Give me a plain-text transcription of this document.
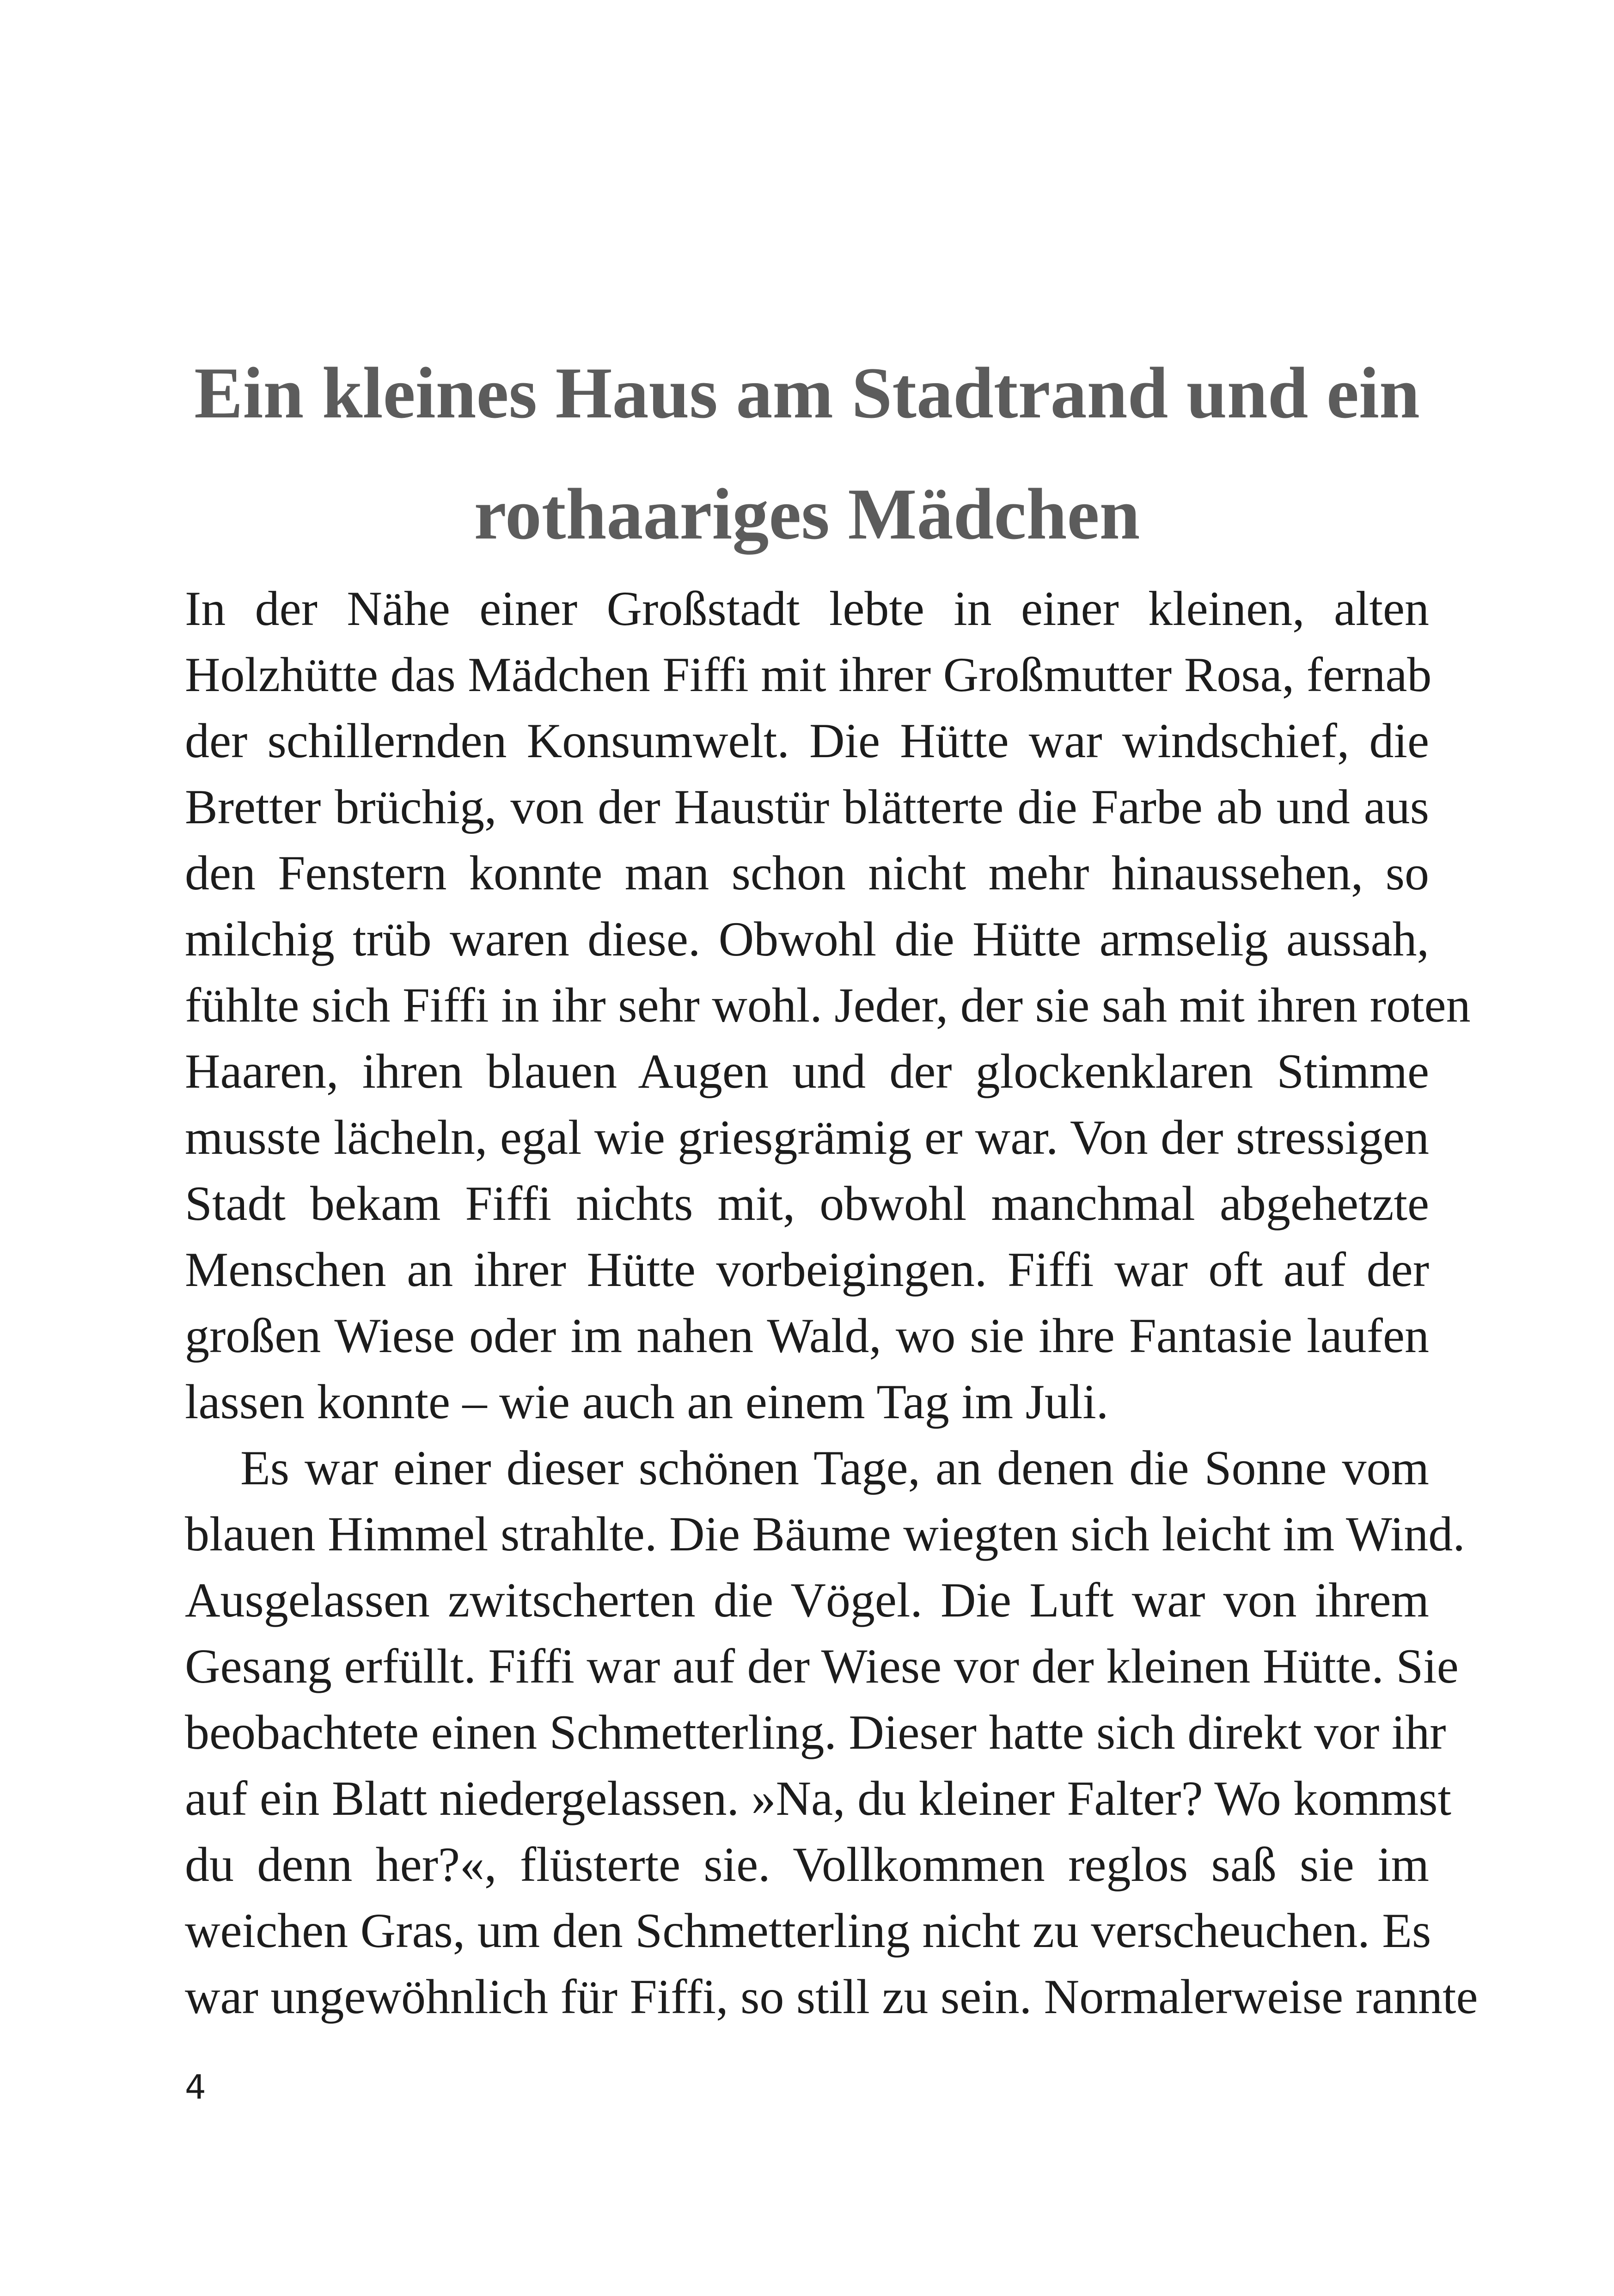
Ein kleines Haus am Stadtrand und ein
rothaariges Mädchen
In der Nähe einer Großstadt lebte in einer kleinen, alten
Holzhütte das Mädchen Fiffi mit ihrer Großmutter Rosa, fernab
der schillernden Konsumwelt. Die Hütte war windschief, die
Bretter brüchig, von der Haustür blätterte die Farbe ab und aus
den Fenstern konnte man schon nicht mehr hinaussehen, so
milchig trüb waren diese. Obwohl die Hütte armselig aussah,
fühlte sich Fiffi in ihr sehr wohl. Jeder, der sie sah mit ihren roten
Haaren, ihren blauen Augen und der glockenklaren Stimme
musste lächeln, egal wie griesgrämig er war. Von der stressigen
Stadt bekam Fiffi nichts mit, obwohl manchmal abgehetzte
Menschen an ihrer Hütte vorbeigingen. Fiffi war oft auf der
großen Wiese oder im nahen Wald, wo sie ihre Fantasie laufen
lassen konnte – wie auch an einem Tag im Juli.
Es war einer dieser schönen Tage, an denen die Sonne vom
blauen Himmel strahlte. Die Bäume wiegten sich leicht im Wind.
Ausgelassen zwitscherten die Vögel. Die Luft war von ihrem
Gesang erfüllt. Fiffi war auf der Wiese vor der kleinen Hütte. Sie
beobachtete einen Schmetterling. Dieser hatte sich direkt vor ihr
auf ein Blatt niedergelassen. »Na, du kleiner Falter? Wo kommst
du denn her?«, flüsterte sie. Vollkommen reglos saß sie im
weichen Gras, um den Schmetterling nicht zu verscheuchen. Es
war ungewöhnlich für Fiffi, so still zu sein. Normalerweise rannte
4
